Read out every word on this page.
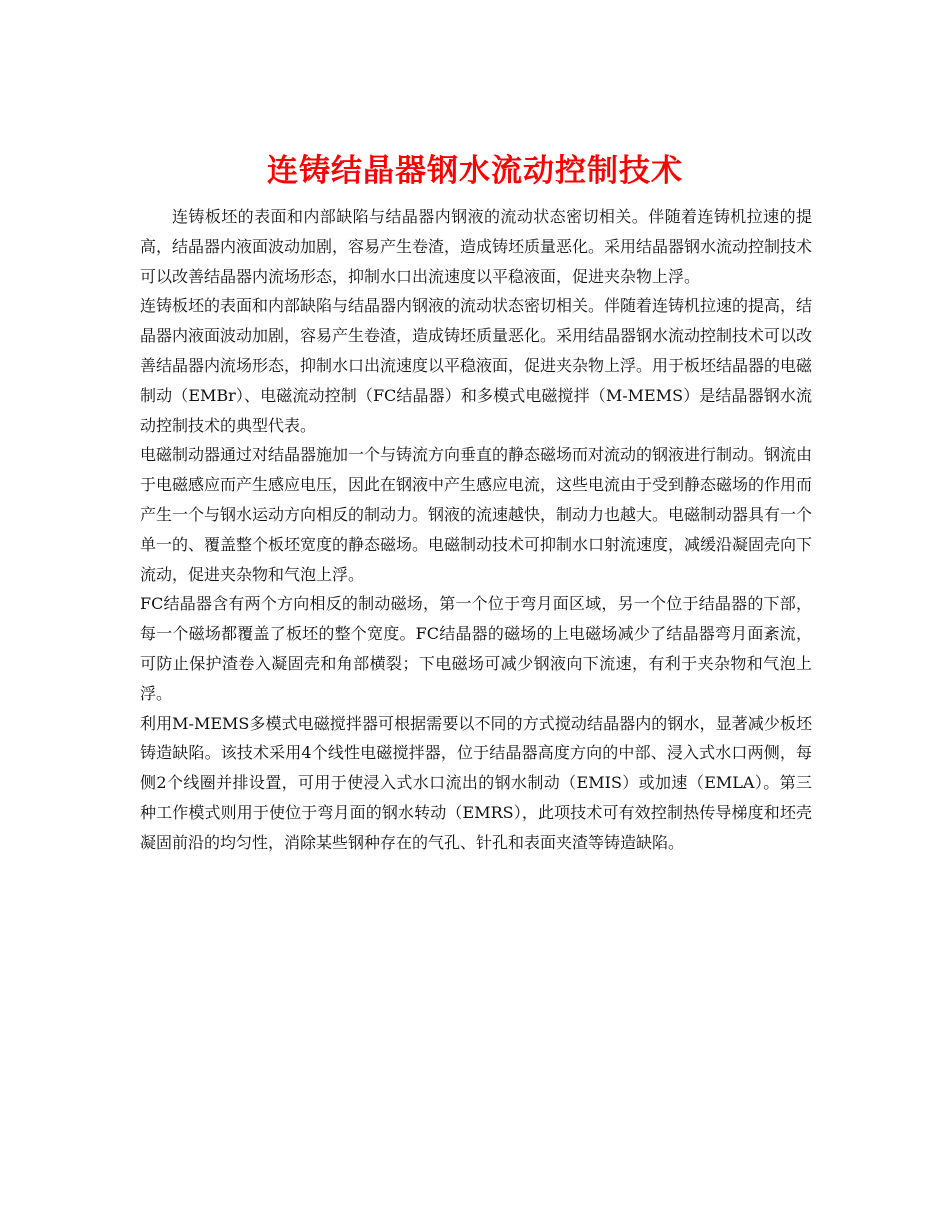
连铸结晶器钢水流动控制技术

连铸板坯的表面和内部缺陷与结晶器内钢液的流动状态密切相关。伴随着连铸机拉速的提高，结晶器内液面波动加剧，容易产生卷渣，造成铸坯质量恶化。采用结晶器钢水流动控制技术可以改善结晶器内流场形态，抑制水口出流速度以平稳液面，促进夹杂物上浮。

连铸板坯的表面和内部缺陷与结晶器内钢液的流动状态密切相关。伴随着连铸机拉速的提高，结晶器内液面波动加剧，容易产生卷渣，造成铸坯质量恶化。采用结晶器钢水流动控制技术可以改善结晶器内流场形态，抑制水口出流速度以平稳液面，促进夹杂物上浮。用于板坯结晶器的电磁制动（EMBr）、电磁流动控制（FC结晶器）和多模式电磁搅拌（M-MEMS）是结晶器钢水流动控制技术的典型代表。

电磁制动器通过对结晶器施加一个与铸流方向垂直的静态磁场而对流动的钢液进行制动。钢流由于电磁感应而产生感应电压，因此在钢液中产生感应电流，这些电流由于受到静态磁场的作用而产生一个与钢水运动方向相反的制动力。钢液的流速越快，制动力也越大。电磁制动器具有一个单一的、覆盖整个板坯宽度的静态磁场。电磁制动技术可抑制水口射流速度，减缓沿凝固壳向下流动，促进夹杂物和气泡上浮。

FC结晶器含有两个方向相反的制动磁场，第一个位于弯月面区域，另一个位于结晶器的下部，每一个磁场都覆盖了板坯的整个宽度。FC结晶器的磁场的上电磁场减少了结晶器弯月面紊流，可防止保护渣卷入凝固壳和角部横裂；下电磁场可减少钢液向下流速，有利于夹杂物和气泡上浮。

利用M-MEMS多模式电磁搅拌器可根据需要以不同的方式搅动结晶器内的钢水，显著减少板坯铸造缺陷。该技术采用4个线性电磁搅拌器，位于结晶器高度方向的中部、浸入式水口两侧，每侧2个线圈并排设置，可用于使浸入式水口流出的钢水制动（EMIS）或加速（EMLA）。第三种工作模式则用于使位于弯月面的钢水转动（EMRS），此项技术可有效控制热传导梯度和坯壳凝固前沿的均匀性，消除某些钢种存在的气孔、针孔和表面夹渣等铸造缺陷。
